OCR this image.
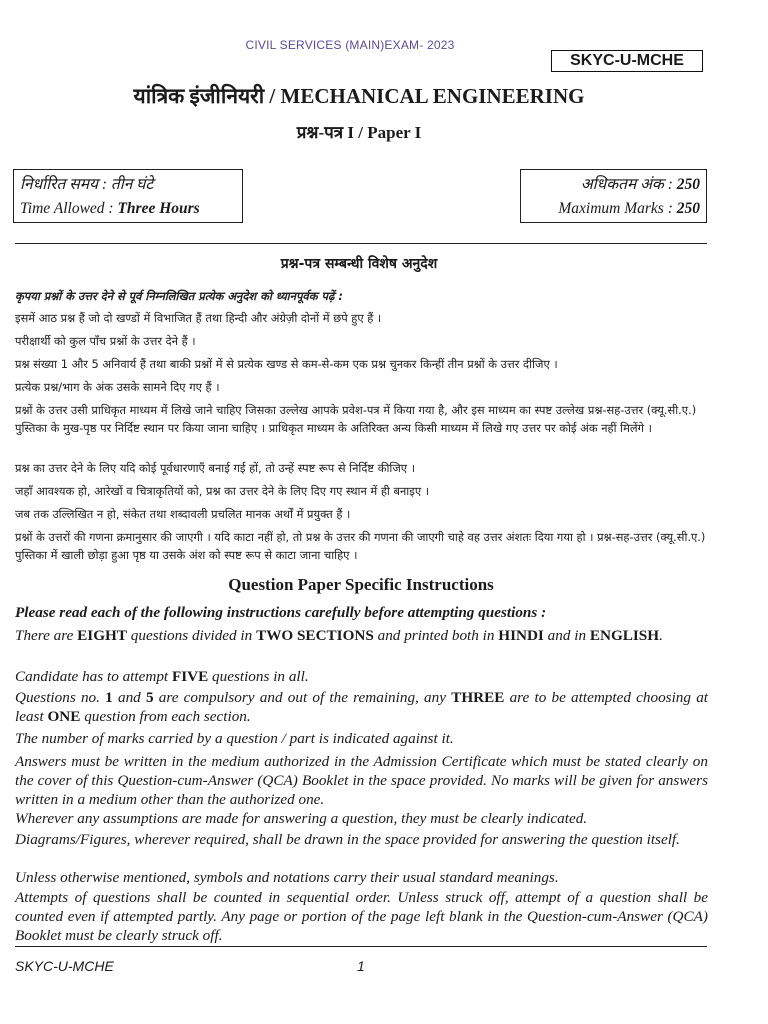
CIVIL SERVICES (MAIN)EXAM- 2023
SKYC-U-MCHE
यांत्रिक इंजीनियरी / MECHANICAL ENGINEERING
प्रश्न-पत्र I / Paper I
निर्धारित समय : तीन घंटे
Time Allowed : Three Hours
अधिकतम अंक : 250
Maximum Marks : 250
प्रश्न-पत्र सम्बन्धी विशेष अनुदेश
कृपया प्रश्नों के उत्तर देने से पूर्व निम्नलिखित प्रत्येक अनुदेश को ध्यानपूर्वक पढ़ें :
इसमें आठ प्रश्न हैं जो दो खण्डों में विभाजित हैं तथा हिन्दी और अंग्रेज़ी दोनों में छपे हुए हैं ।
परीक्षार्थी को कुल पाँच प्रश्नों के उत्तर देने हैं ।
प्रश्न संख्या 1 और 5 अनिवार्य हैं तथा बाकी प्रश्नों में से प्रत्येक खण्ड से कम-से-कम एक प्रश्न चुनकर किन्हीं तीन प्रश्नों के उत्तर दीजिए ।
प्रत्येक प्रश्न/भाग के अंक उसके सामने दिए गए हैं ।
प्रश्नों के उत्तर उसी प्राधिकृत माध्यम में लिखे जाने चाहिए जिसका उल्लेख आपके प्रवेश-पत्र में किया गया है, और इस माध्यम का स्पष्ट उल्लेख प्रश्न-सह-उत्तर (क्यू.सी.ए.) पुस्तिका के मुख-पृष्ठ पर निर्दिष्ट स्थान पर किया जाना चाहिए । प्राधिकृत माध्यम के अतिरिक्त अन्य किसी माध्यम में लिखे गए उत्तर पर कोई अंक नहीं मिलेंगे ।
प्रश्न का उत्तर देने के लिए यदि कोई पूर्वधारणाएँ बनाई गई हों, तो उन्हें स्पष्ट रूप से निर्दिष्ट कीजिए ।
जहाँ आवश्यक हो, आरेखों व चित्राकृतियों को, प्रश्न का उत्तर देने के लिए दिए गए स्थान में ही बनाइए ।
जब तक उल्लिखित न हो, संकेत तथा शब्दावली प्रचलित मानक अर्थों में प्रयुक्त हैं ।
प्रश्नों के उत्तरों की गणना क्रमानुसार की जाएगी । यदि काटा नहीं हो, तो प्रश्न के उत्तर की गणना की जाएगी चाहे वह उत्तर अंशतः दिया गया हो । प्रश्न-सह-उत्तर (क्यू.सी.ए.) पुस्तिका में खाली छोड़ा हुआ पृष्ठ या उसके अंश को स्पष्ट रूप से काटा जाना चाहिए ।
Question Paper Specific Instructions
Please read each of the following instructions carefully before attempting questions :
There are EIGHT questions divided in TWO SECTIONS and printed both in HINDI and in ENGLISH.
Candidate has to attempt FIVE questions in all.
Questions no. 1 and 5 are compulsory and out of the remaining, any THREE are to be attempted choosing at least ONE question from each section.
The number of marks carried by a question / part is indicated against it.
Answers must be written in the medium authorized in the Admission Certificate which must be stated clearly on the cover of this Question-cum-Answer (QCA) Booklet in the space provided. No marks will be given for answers written in a medium other than the authorized one.
Wherever any assumptions are made for answering a question, they must be clearly indicated.
Diagrams/Figures, wherever required, shall be drawn in the space provided for answering the question itself.
Unless otherwise mentioned, symbols and notations carry their usual standard meanings.
Attempts of questions shall be counted in sequential order. Unless struck off, attempt of a question shall be counted even if attempted partly. Any page or portion of the page left blank in the Question-cum-Answer (QCA) Booklet must be clearly struck off.
SKYC-U-MCHE	1
